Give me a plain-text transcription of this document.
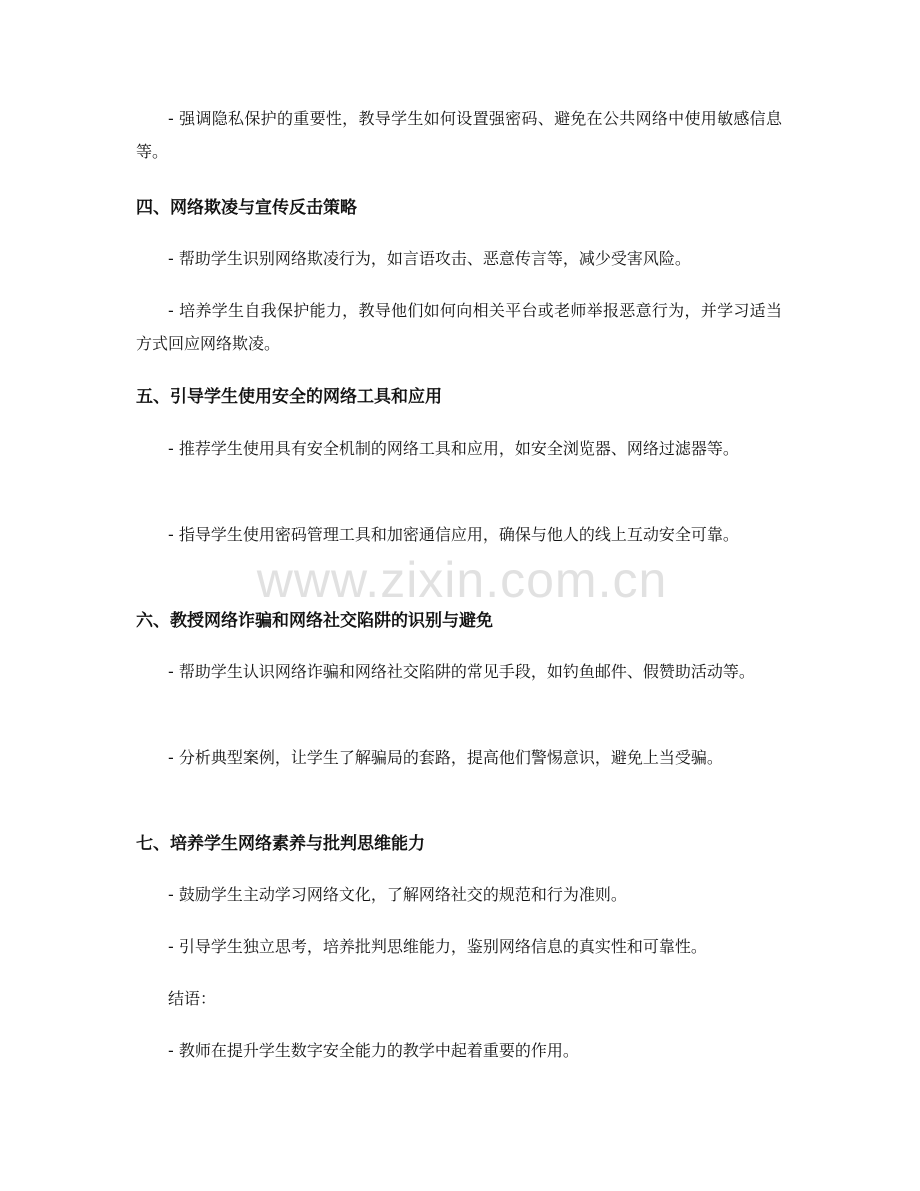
- 强调隐私保护的重要性，教导学生如何设置强密码、避免在公共网络中使用敏感信息等。

四、网络欺凌与宣传反击策略

- 帮助学生识别网络欺凌行为，如言语攻击、恶意传言等，减少受害风险。

- 培养学生自我保护能力，教导他们如何向相关平台或老师举报恶意行为，并学习适当方式回应网络欺凌。

五、引导学生使用安全的网络工具和应用

- 推荐学生使用具有安全机制的网络工具和应用，如安全浏览器、网络过滤器等。

- 指导学生使用密码管理工具和加密通信应用，确保与他人的线上互动安全可靠。

六、教授网络诈骗和网络社交陷阱的识别与避免

- 帮助学生认识网络诈骗和网络社交陷阱的常见手段，如钓鱼邮件、假赞助活动等。

- 分析典型案例，让学生了解骗局的套路，提高他们警惕意识，避免上当受骗。

七、培养学生网络素养与批判思维能力

- 鼓励学生主动学习网络文化，了解网络社交的规范和行为准则。

- 引导学生独立思考，培养批判思维能力，鉴别网络信息的真实性和可靠性。

结语：

- 教师在提升学生数字安全能力的教学中起着重要的作用。

www.zixin.com.cn
